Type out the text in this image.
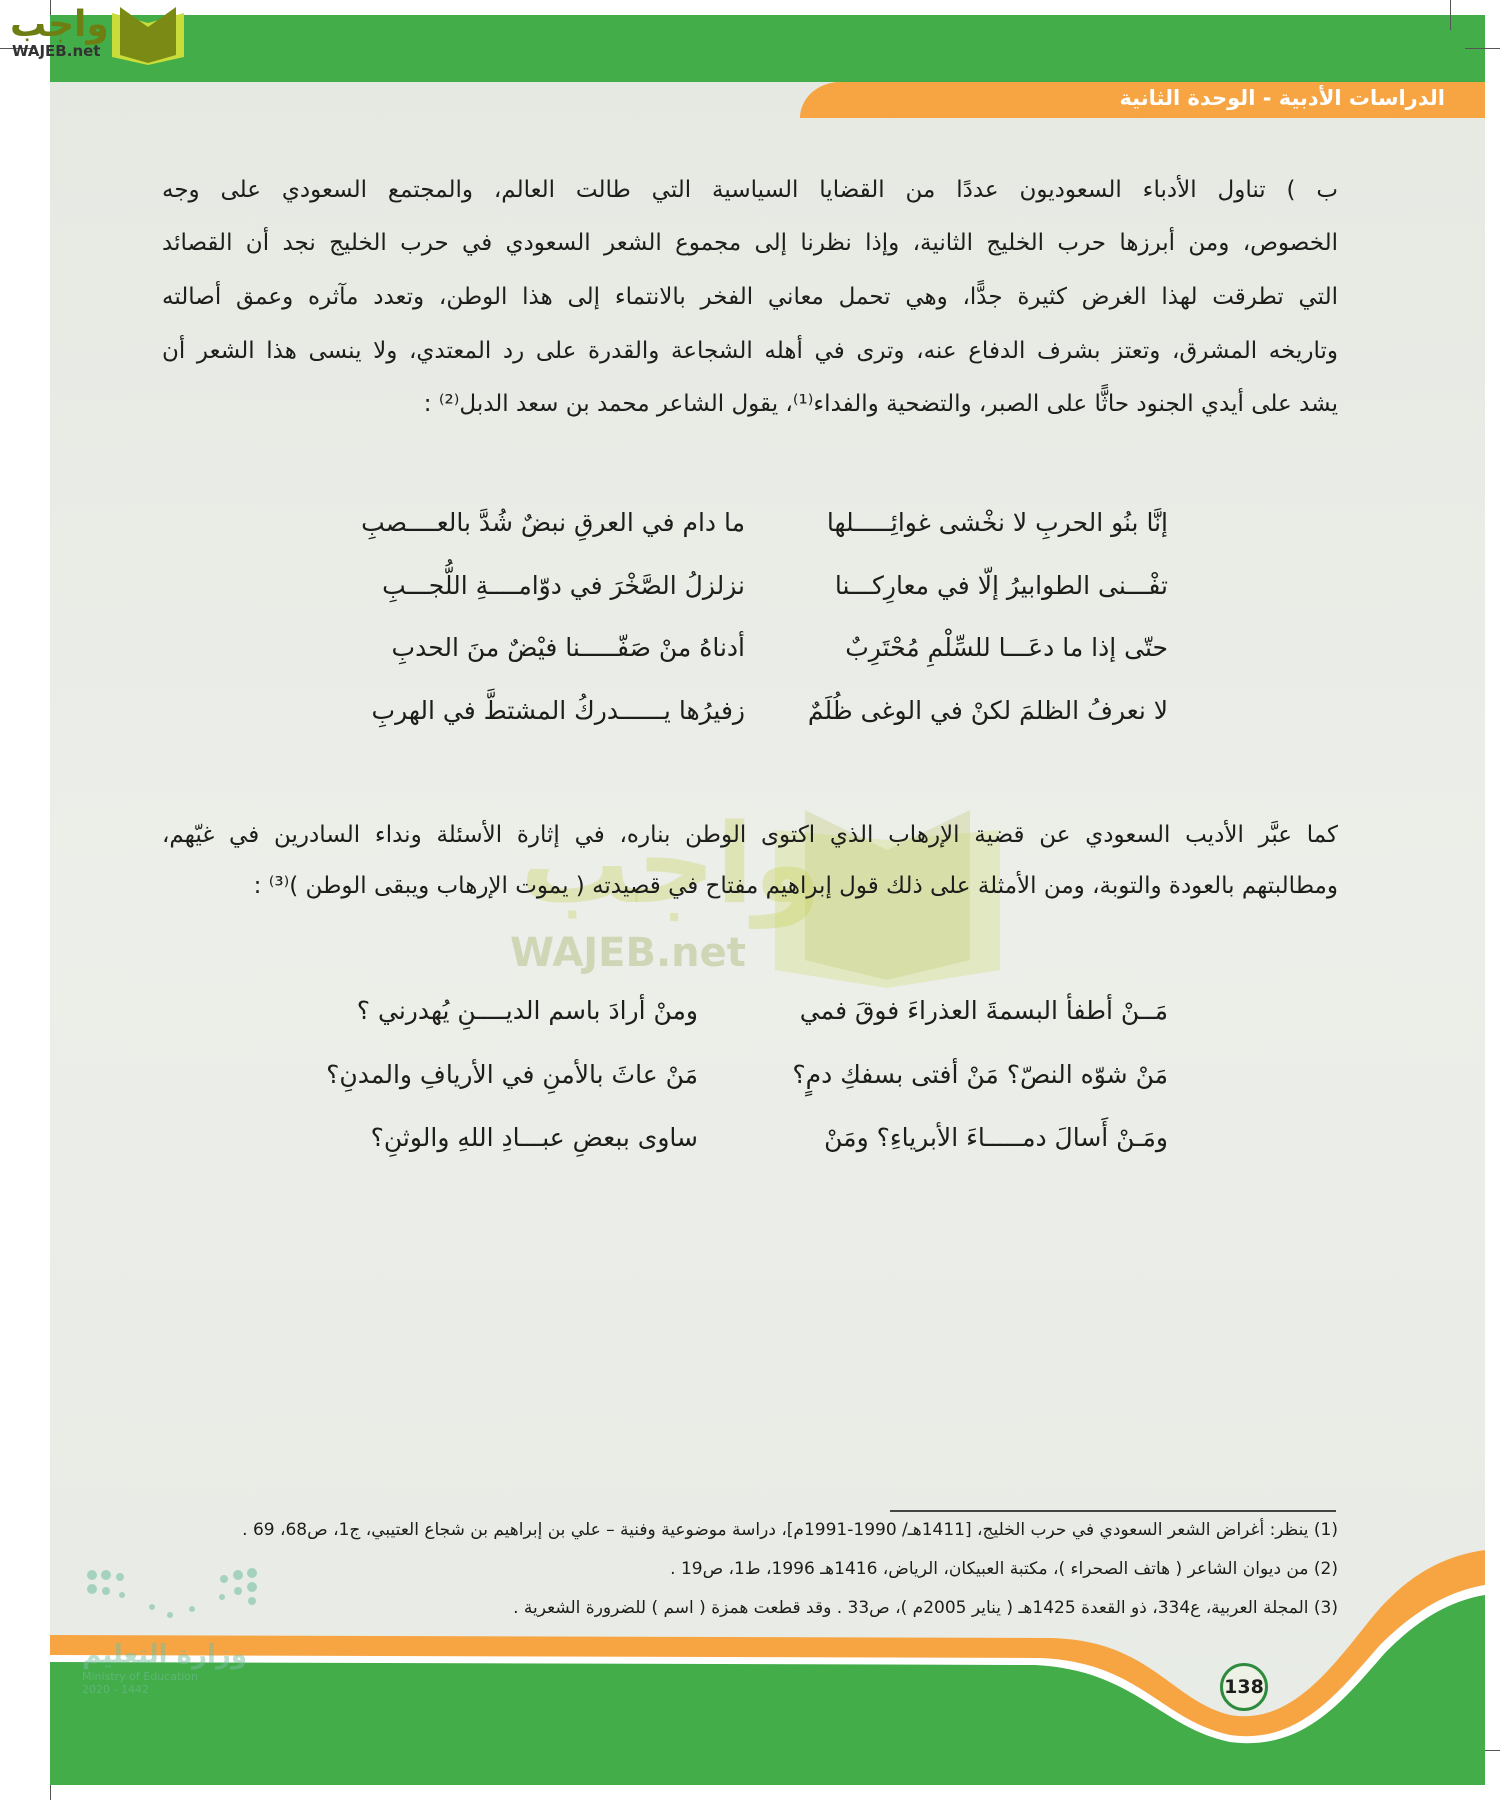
الدراسات الأدبية - الوحدة الثانية
واجب
WAJEB.net
واجب
WAJEB.net
ب ) تناول الأدباء السعوديون عددًا من القضايا السياسية التي طالت العالم، والمجتمع السعودي على وجه
الخصوص، ومن أبرزها حرب الخليج الثانية، وإذا نظرنا إلى مجموع الشعر السعودي في حرب الخليج نجد أن القصائد
التي تطرقت لهذا الغرض كثيرة جدًّا، وهي تحمل معاني الفخر بالانتماء إلى هذا الوطن، وتعدد مآثره وعمق أصالته
وتاريخه المشرق، وتعتز بشرف الدفاع عنه، وترى في أهله الشجاعة والقدرة على رد المعتدي، ولا ينسى هذا الشعر أن
يشد على أيدي الجنود حاثًّا على الصبر، والتضحية والفداء⁽¹⁾، يقول الشاعر محمد بن سعد الدبل⁽²⁾ :
إنَّا بنُو الحربِ لا نخْشى غوائِـــــلها
ما دام في العرقِ نبضٌ شُدَّ بالعــــصبِ
تفْـــنى الطوابيرُ إلّا في معارِكـــنا
نزلزلُ الصَّخْرَ في دوّامــــةِ اللُّجـــبِ
حتّى إذا ما دعَـــا للسِّلْمِ مُحْتَرِبٌ
أدناهُ منْ صَفّـــــنا فيْضٌ منَ الحدبِ
لا نعرفُ الظلمَ لكنْ في الوغى ظُلَمٌ
زفيرُها يــــــدركُ المشتطَّ في الهربِ
كما عبَّر الأديب السعودي عن قضية الإرهاب الذي اكتوى الوطن بناره، في إثارة الأسئلة ونداء السادرين في غيّهم،
ومطالبتهم بالعودة والتوبة، ومن الأمثلة على ذلك قول إبراهيم مفتاح في قصيدته ( يموت الإرهاب ويبقى الوطن )⁽³⁾ :
مَــنْ أطفأ البسمةَ العذراءَ فوقَ فمي
ومنْ أرادَ باسم الديــــنِ يُهدرني ؟
مَنْ شوّه النصّ؟ مَنْ أفتى بسفكِ دمٍ؟
مَنْ عاثَ بالأمنِ في الأريافِ والمدنِ؟
ومَـنْ أَسالَ دمـــــاءَ الأبرياءِ؟ ومَنْ
ساوى ببعضِ عبـــادِ اللهِ والوثنِ؟
(1) ينظر: أغراض الشعر السعودي في حرب الخليج، [1411هـ/ 1990-1991م]، دراسة موضوعية وفنية – علي بن إبراهيم بن شجاع العتيبي، ج1، ص68، 69 .
(2) من ديوان الشاعر ( هاتف الصحراء )، مكتبة العبيكان، الرياض، 1416هـ 1996، ط1، ص19 .
(3) المجلة العربية، ع334، ذو القعدة 1425هـ ( يناير 2005م )، ص33 . وقد قطعت همزة ( اسم ) للضرورة الشعرية .
وزارة التعليم
Ministry of Education
2020 - 1442	138
